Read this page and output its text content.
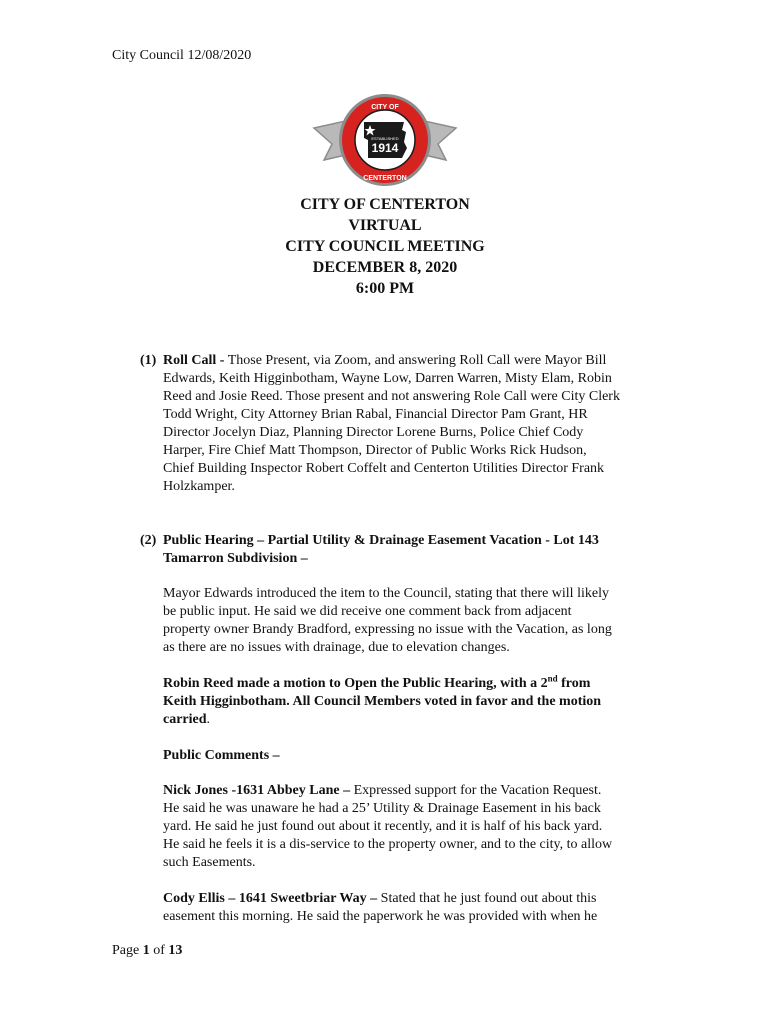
City Council 12/08/2020
CITY OF
CENTERTON
ESTABLISHED
1914
CITY OF CENTERTON
VIRTUAL
CITY COUNCIL MEETING
DECEMBER 8, 2020
6:00 PM
(1) Roll Call - Those Present, via Zoom, and answering Roll Call were Mayor Bill
Edwards, Keith Higginbotham, Wayne Low, Darren Warren, Misty Elam, Robin
Reed and Josie Reed. Those present and not answering Role Call were City Clerk
Todd Wright, City Attorney Brian Rabal, Financial Director Pam Grant, HR
Director Jocelyn Diaz, Planning Director Lorene Burns, Police Chief Cody
Harper, Fire Chief Matt Thompson, Director of Public Works Rick Hudson,
Chief Building Inspector Robert Coffelt and Centerton Utilities Director Frank
Holzkamper.
(2) Public Hearing – Partial Utility & Drainage Easement Vacation - Lot 143
Tamarron Subdivision –
Mayor Edwards introduced the item to the Council, stating that there will likely
be public input. He said we did receive one comment back from adjacent
property owner Brandy Bradford, expressing no issue with the Vacation, as long
as there are no issues with drainage, due to elevation changes.
Robin Reed made a motion to Open the Public Hearing, with a 2nd from
Keith Higginbotham. All Council Members voted in favor and the motion
carried.
Public Comments –
Nick Jones -1631 Abbey Lane – Expressed support for the Vacation Request.
He said he was unaware he had a 25’ Utility & Drainage Easement in his back
yard. He said he just found out about it recently, and it is half of his back yard.
He said he feels it is a dis-service to the property owner, and to the city, to allow
such Easements.
Cody Ellis – 1641 Sweetbriar Way – Stated that he just found out about this
easement this morning. He said the paperwork he was provided with when he
Page 1 of 13
